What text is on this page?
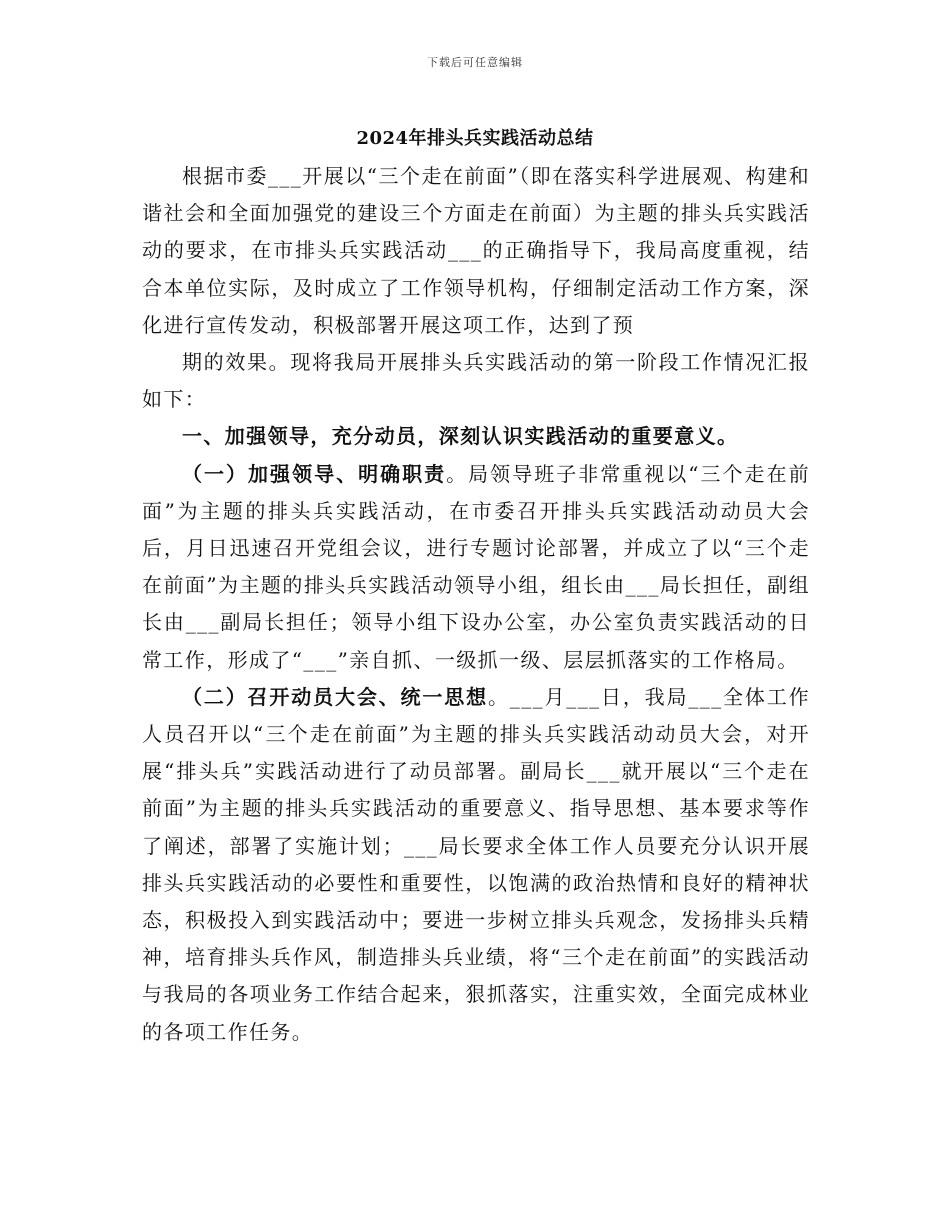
下载后可任意编辑
2024年排头兵实践活动总结

根据市委___开展以“三个走在前面”（即在落实科学进展观、构建和谐社会和全面加强党的建设三个方面走在前面）为主题的排头兵实践活动的要求，在市排头兵实践活动___的正确指导下，我局高度重视，结合本单位实际，及时成立了工作领导机构，仔细制定活动工作方案，深化进行宣传发动，积极部署开展这项工作，达到了预

期的效果。现将我局开展排头兵实践活动的第一阶段工作情况汇报如下：

一、加强领导，充分动员，深刻认识实践活动的重要意义。

（一）加强领导、明确职责。局领导班子非常重视以“三个走在前面”为主题的排头兵实践活动，在市委召开排头兵实践活动动员大会后，月日迅速召开党组会议，进行专题讨论部署，并成立了以“三个走在前面”为主题的排头兵实践活动领导小组，组长由___局长担任，副组长由___副局长担任；领导小组下设办公室，办公室负责实践活动的日常工作，形成了“___”亲自抓、一级抓一级、层层抓落实的工作格局。

（二）召开动员大会、统一思想。___月___日，我局___全体工作人员召开以“三个走在前面”为主题的排头兵实践活动动员大会，对开展“排头兵”实践活动进行了动员部署。副局长___就开展以“三个走在前面”为主题的排头兵实践活动的重要意义、指导思想、基本要求等作了阐述，部署了实施计划；___局长要求全体工作人员要充分认识开展排头兵实践活动的必要性和重要性，以饱满的政治热情和良好的精神状态，积极投入到实践活动中；要进一步树立排头兵观念，发扬排头兵精神，培育排头兵作风，制造排头兵业绩，将“三个走在前面”的实践活动与我局的各项业务工作结合起来，狠抓落实，注重实效，全面完成林业的各项工作任务。
